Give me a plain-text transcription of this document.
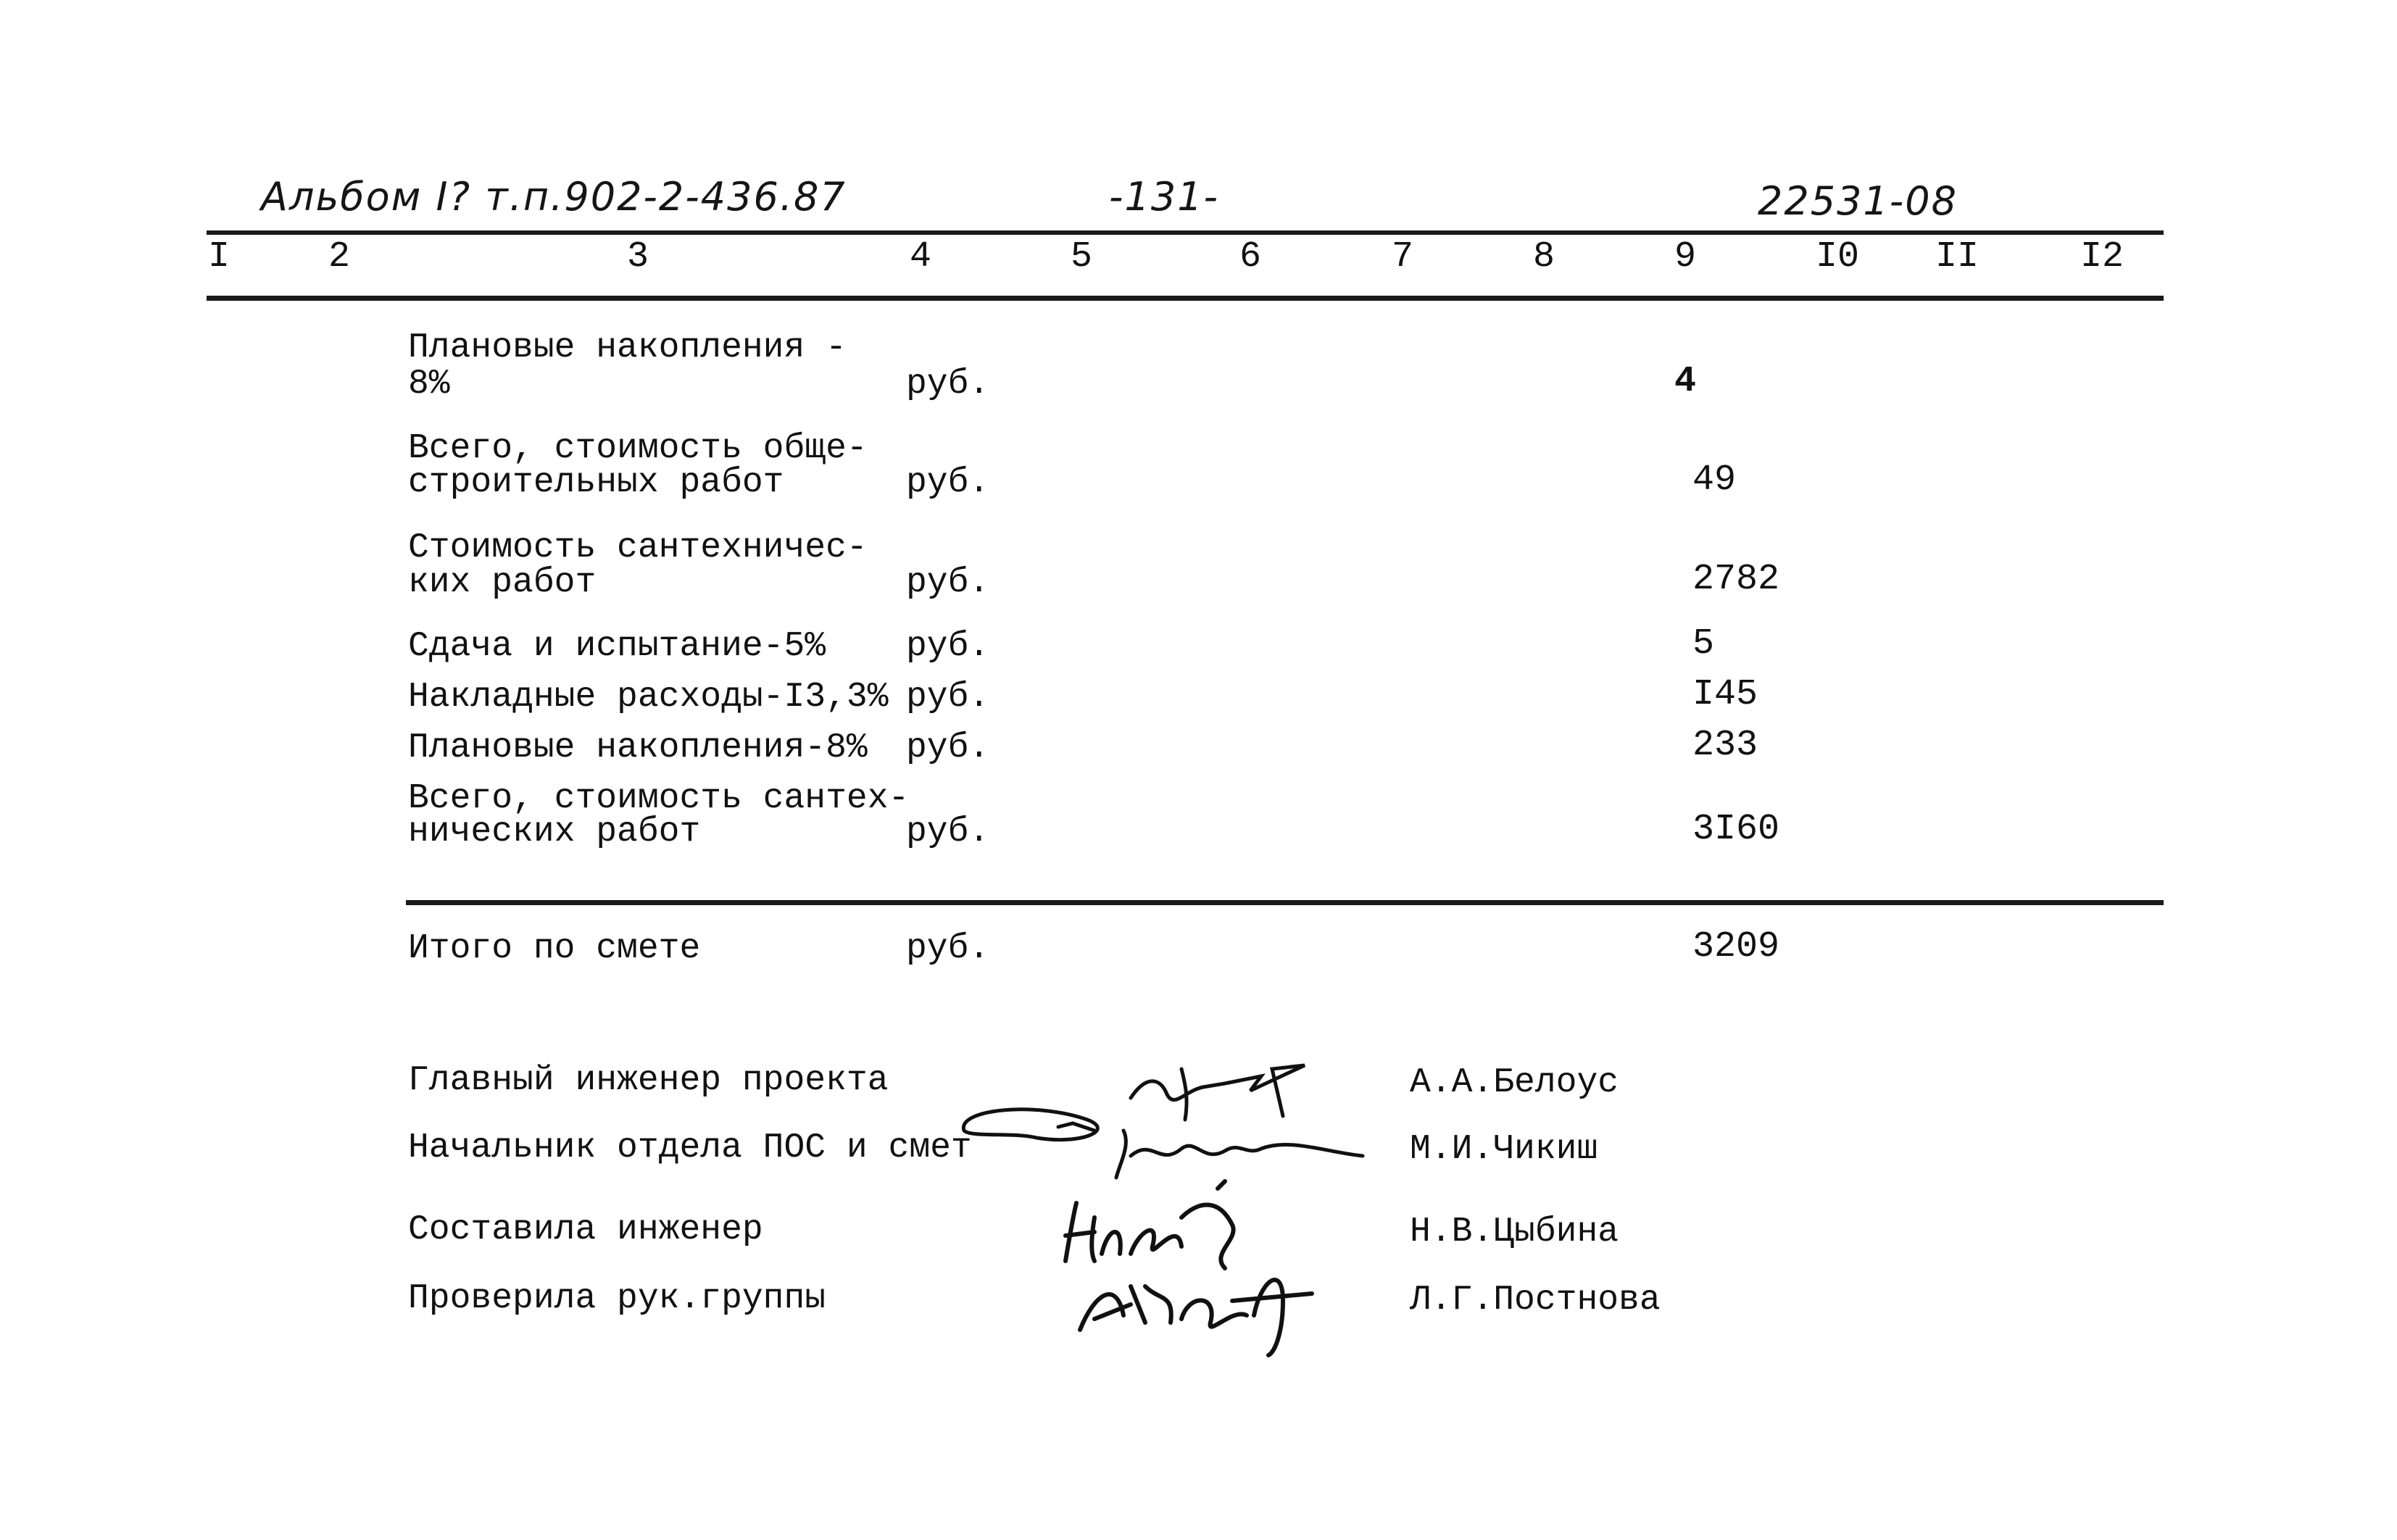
Альбом I? т.п.902-2-436.87	-131-	22531-08
I	2	3	4	5	6	7	8	9	I0 II	I2
Плановые накопления -
8%	руб.	4
Всего, стоимость обще-
строительных работ	руб.	49
Стоимость сантехничес-
ких работ	руб.	2782
Сдача и испытание-5% руб.	5
Накладные расходы-I3,3% руб.	I45
Плановые накопления-8% руб.	233
Всего, стоимость сантех-
нических работ	руб.	3I60
Итого по смете	руб.	3209
Главный инженер проекта	А.А.Белоус
Начальник отдела ПОС и смет	М.И.Чикиш
Составила инженер	Н.В.Цыбина
Проверила рук.группы	Л.Г.Постнова
